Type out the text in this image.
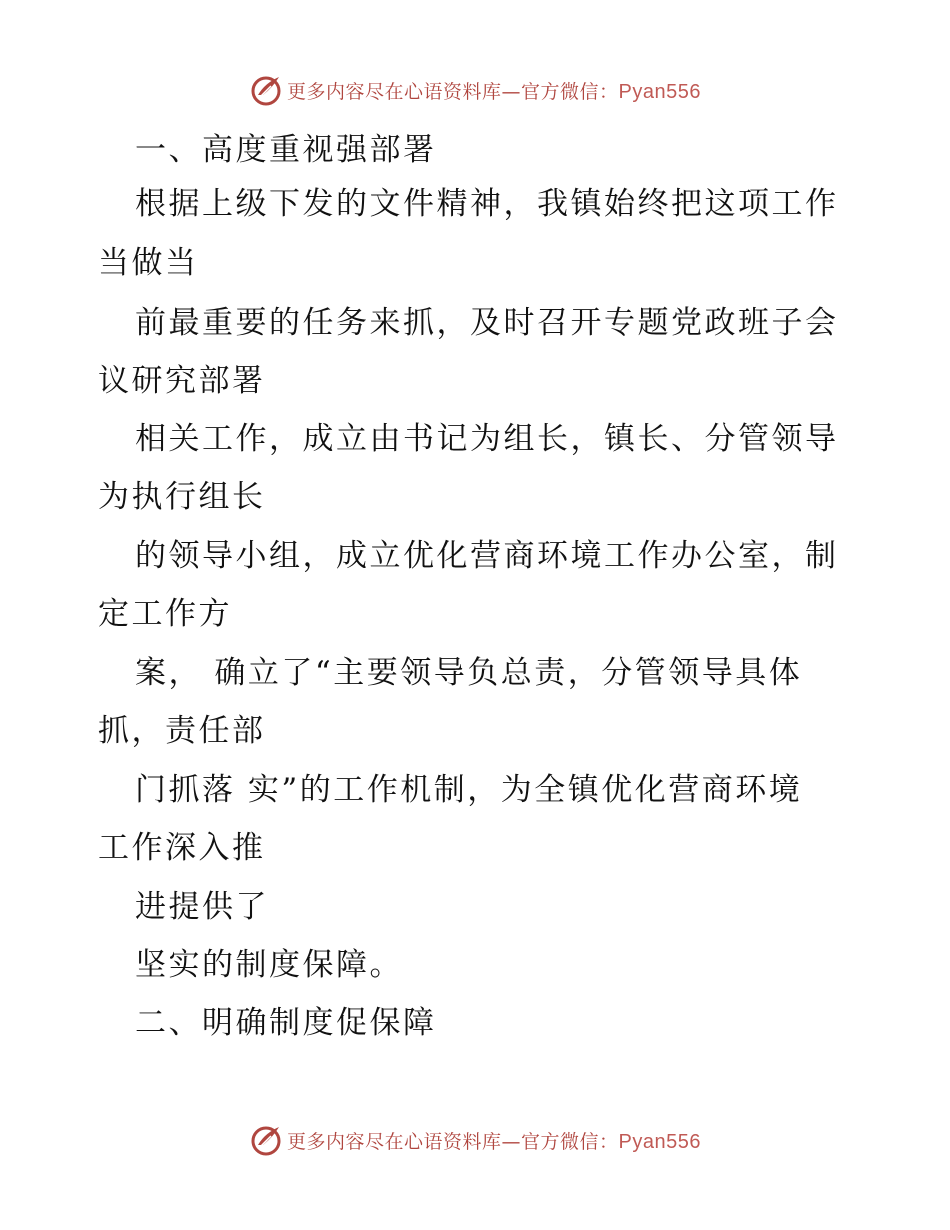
更多内容尽在心语资料库—官方微信：Pyan556
一、高度重视强部署
根据上级下发的文件精神，我镇始终把这项工作
当做当
前最重要的任务来抓，及时召开专题党政班子会
议研究部署
相关工作，成立由书记为组长，镇长、分管领导
为执行组长
的领导小组，成立优化营商环境工作办公室，制
定工作方
案， 确立了“主要领导负总责，分管领导具体
抓，责任部
门抓落 实”的工作机制，为全镇优化营商环境
工作深入推
进提供了
坚实的制度保障。
二、明确制度促保障
更多内容尽在心语资料库—官方微信：Pyan556
